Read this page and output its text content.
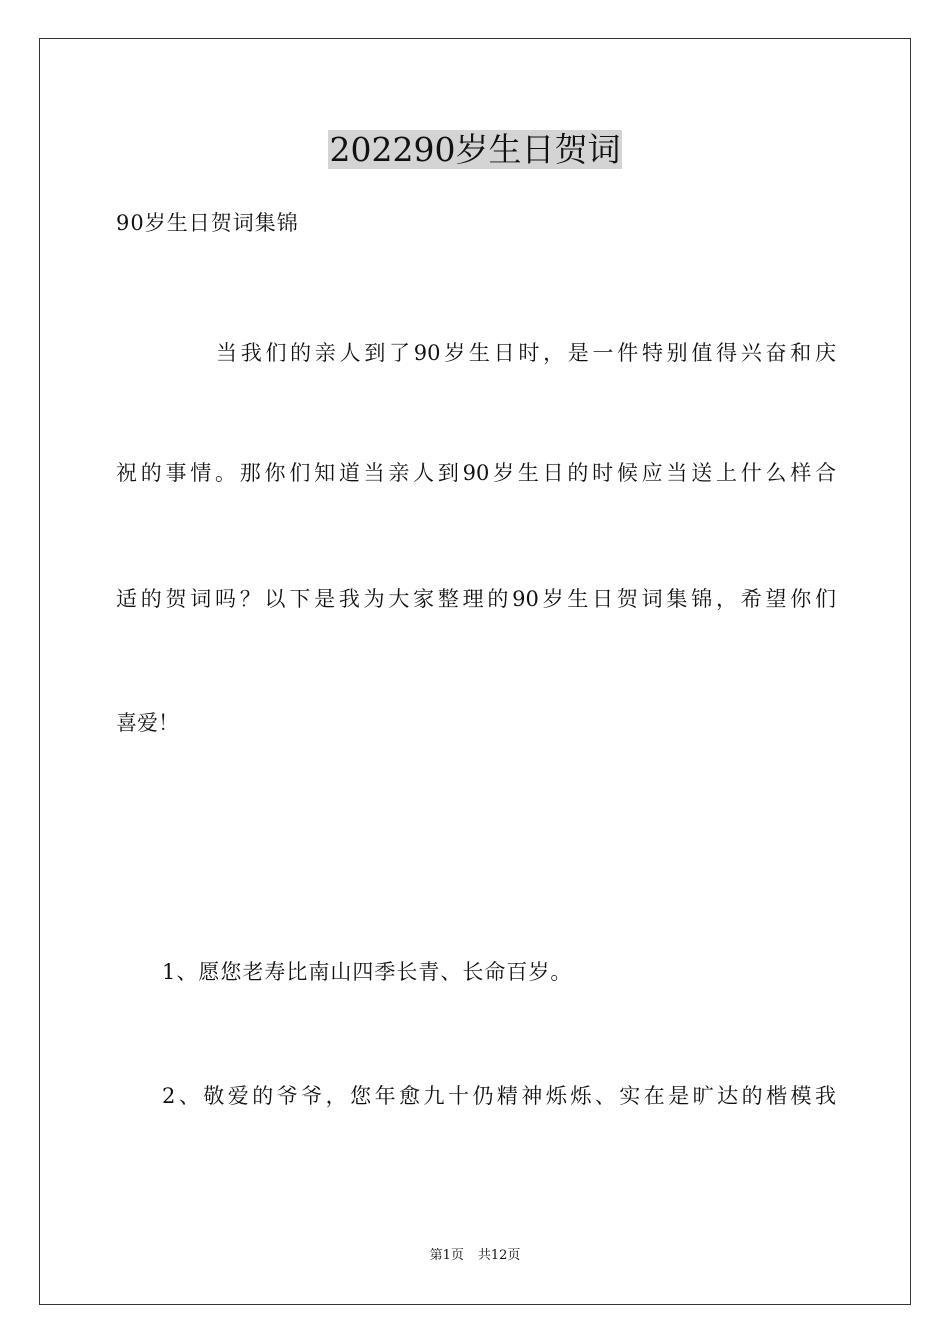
202290岁生日贺词
90岁生日贺词集锦
当我们的亲人到了90岁生日时，是一件特别值得兴奋和庆
祝的事情。那你们知道当亲人到90岁生日的时候应当送上什么样合
适的贺词吗？以下是我为大家整理的90岁生日贺词集锦，希望你们
喜爱！
1、愿您老寿比南山四季长青、长命百岁。
2、敬爱的爷爷，您年愈九十仍精神烁烁、实在是旷达的楷模我
第1页 共12页
